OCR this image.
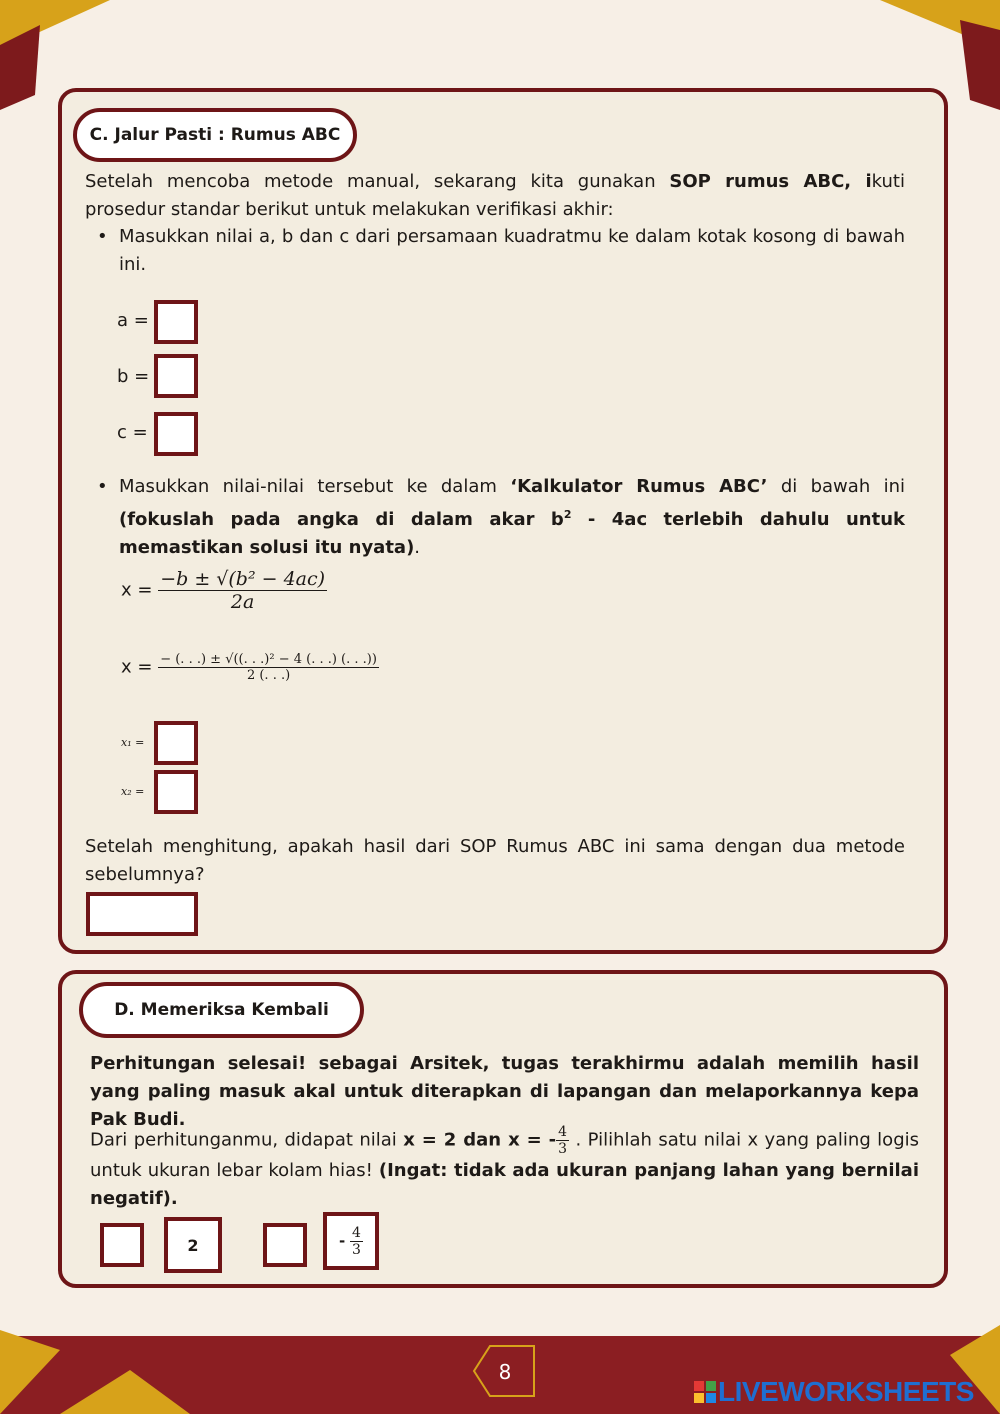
C. Jalur Pasti : Rumus ABC
Setelah mencoba metode manual, sekarang kita gunakan SOP rumus ABC, ikuti prosedur standar berikut untuk melakukan verifikasi akhir:
• Masukkan nilai a, b dan c dari persamaan kuadratmu ke dalam kotak kosong di bawah ini.
a =
b =
c =
• Masukkan nilai-nilai tersebut ke dalam ‘Kalkulator Rumus ABC’ di bawah ini (fokuslah pada angka di dalam akar $b^2 - 4ac$ terlebih dahulu untuk memastikan solusi itu nyata).
$x = \frac{\text{−b ± √(b² − 4ac)}}{2a}$
$x = \frac{\text{− (. . .) ± √((. . .)² − 4 (. . .) (. . .))}}{2 (. . .)}$
x₁ =
x₂ =
Setelah menghitung, apakah hasil dari SOP Rumus ABC ini sama dengan dua metode sebelumnya?
D. Memeriksa Kembali
Perhitungan selesai! sebagai Arsitek, tugas terakhirmu adalah memilih hasil yang paling masuk akal untuk diterapkan di lapangan dan melaporkannya kepa Pak Budi.
Dari perhitunganmu, didapat nilai x = 2 dan x = - $\frac{4}{3}$ . Pilihlah satu nilai x yang paling logis untuk ukuran lebar kolam hias! (Ingat: tidak ada ukuran panjang lahan yang bernilai negatif).
2	-
$\frac{4}{3}$
8
LIVEWORKSHEETS
